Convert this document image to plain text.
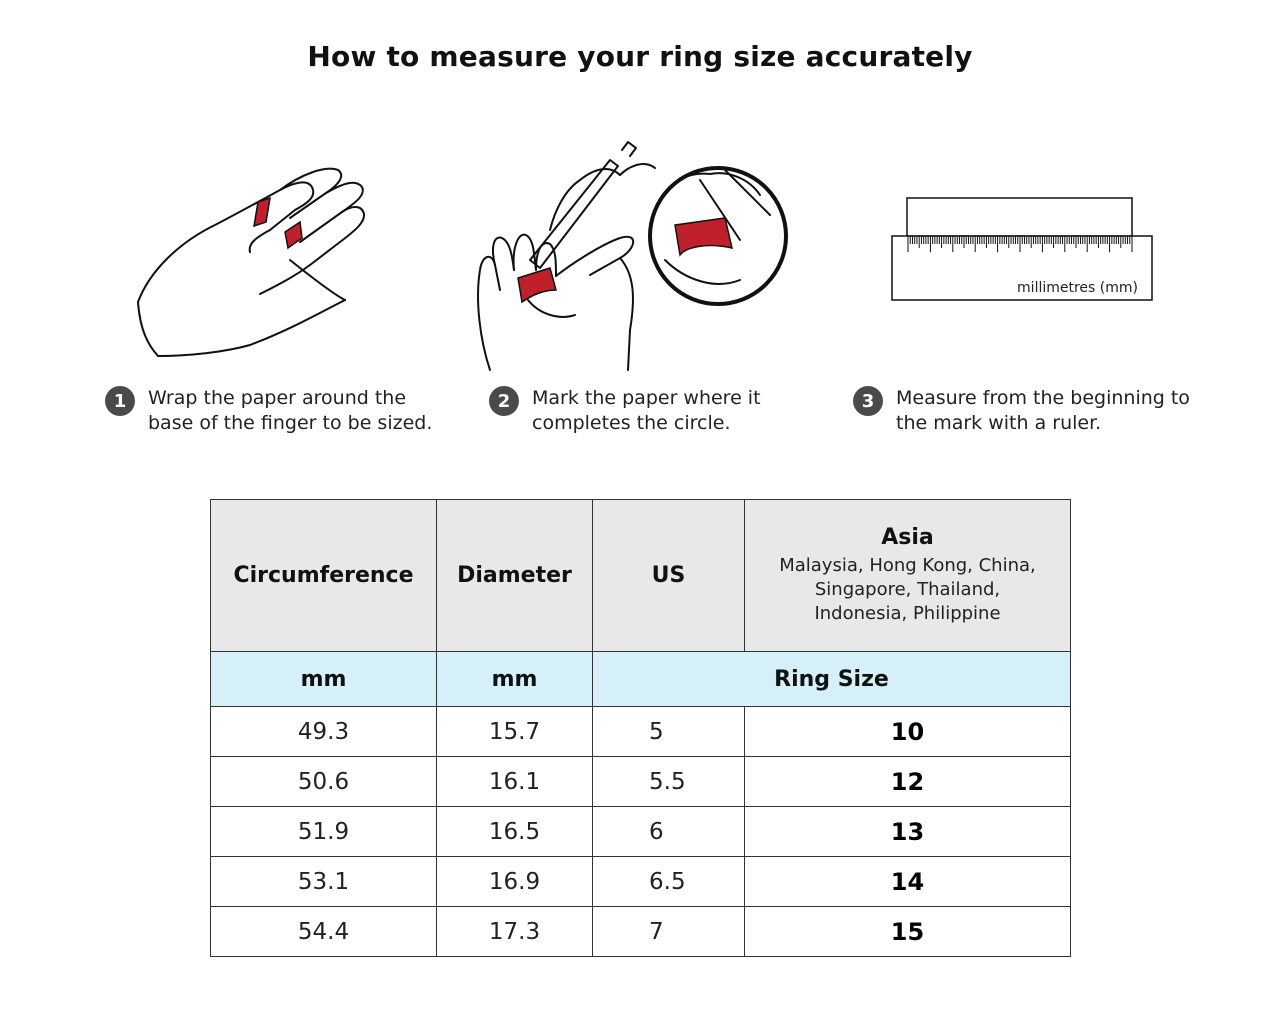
How to measure your ring size accurately
millimetres (mm)
1	Wrap the paper around the
base of the finger to be sized.
2	Mark the paper where it
completes the circle.
3	Measure from the beginning to
the mark with a ruler.
Circumference	Diameter	US	Asia
Malaysia, Hong Kong, China,
Singapore, Thailand,
Indonesia, Philippine

mm	mm	Ring Size	
49.3	15.7	5	10
50.6	16.1	5.5	12
51.9	16.5	6	13
53.1	16.9	6.5	14
54.4	17.3	7	15
